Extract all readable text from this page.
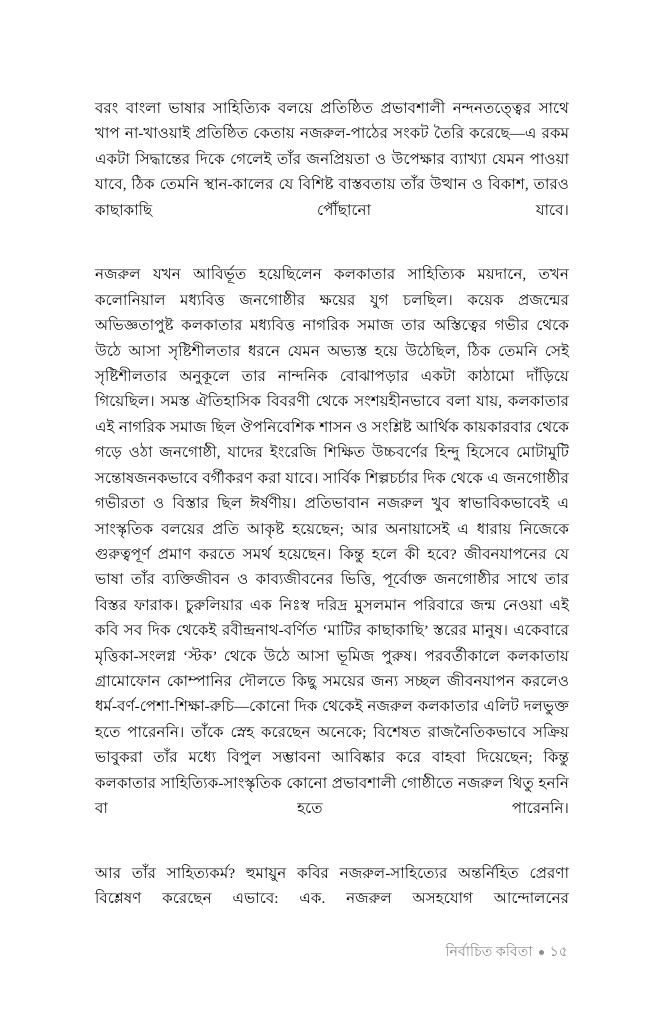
বরং বাংলা ভাষার সাহিত্যিক বলয়ে প্রতিষ্ঠিত প্রভাবশালী নন্দনতত্ত্বের সাথে খাপ না-খাওয়াই প্রতিষ্ঠিত কেতায় নজরুল-পাঠের সংকট তৈরি করেছে—এ রকম একটা সিদ্ধান্তের দিকে গেলেই তাঁর জনপ্রিয়তা ও উপেক্ষার ব্যাখ্যা যেমন পাওয়া যাবে, ঠিক তেমনি স্থান-কালের যে বিশিষ্ট বাস্তবতায় তাঁর উত্থান ও বিকাশ, তারও কাছাকাছি পৌঁছানো যাবে।

নজরুল যখন আবির্ভূত হয়েছিলেন কলকাতার সাহিত্যিক ময়দানে, তখন কলোনিয়াল মধ্যবিত্ত জনগোষ্ঠীর ক্ষয়ের যুগ চলছিল। কয়েক প্রজন্মের অভিজ্ঞতাপুষ্ট কলকাতার মধ্যবিত্ত নাগরিক সমাজ তার অস্তিত্বের গভীর থেকে উঠে আসা সৃষ্টিশীলতার ধরনে যেমন অভ্যস্ত হয়ে উঠেছিল, ঠিক তেমনি সেই সৃষ্টিশীলতার অনুকূলে তার নান্দনিক বোঝাপড়ার একটা কাঠামো দাঁড়িয়ে গিয়েছিল। সমস্ত ঐতিহাসিক বিবরণী থেকে সংশয়হীনভাবে বলা যায়, কলকাতার এই নাগরিক সমাজ ছিল ঔপনিবেশিক শাসন ও সংশ্লিষ্ট আর্থিক কায়কারবার থেকে গড়ে ওঠা জনগোষ্ঠী, যাদের ইংরেজি শিক্ষিত উচ্চবর্ণের হিন্দু হিসেবে মোটামুটি সন্তোষজনকভাবে বর্গীকরণ করা যাবে। সার্বিক শিল্পচর্চার দিক থেকে এ জনগোষ্ঠীর গভীরতা ও বিস্তার ছিল ঈর্ষণীয়। প্রতিভাবান নজরুল খুব স্বাভাবিকভাবেই এ সাংস্কৃতিক বলয়ের প্রতি আকৃষ্ট হয়েছেন; আর অনায়াসেই এ ধারায় নিজেকে গুরুত্বপূর্ণ প্রমাণ করতে সমর্থ হয়েছেন। কিন্তু হলে কী হবে? জীবনযাপনের যে ভাষা তাঁর ব্যক্তিজীবন ও কাব্যজীবনের ভিত্তি, পূর্বোক্ত জনগোষ্ঠীর সাথে তার বিস্তর ফারাক। চুরুলিয়ার এক নিঃস্ব দরিদ্র মুসলমান পরিবারে জন্ম নেওয়া এই কবি সব দিক থেকেই রবীন্দ্রনাথ-বর্ণিত ‘মাটির কাছাকাছি’ স্তরের মানুষ। একেবারে মৃত্তিকা-সংলগ্ন ‘স্টক’ থেকে উঠে আসা ভূমিজ পুরুষ। পরবর্তীকালে কলকাতায় গ্রামোফোন কোম্পানির দৌলতে কিছু সময়ের জন্য সচ্ছল জীবনযাপন করলেও ধর্ম-বর্ণ-পেশা-শিক্ষা-রুচি—কোনো দিক থেকেই নজরুল কলকাতার এলিট দলভুক্ত হতে পারেননি। তাঁকে স্নেহ করেছেন অনেকে; বিশেষত রাজনৈতিকভাবে সক্রিয় ভাবুকরা তাঁর মধ্যে বিপুল সম্ভাবনা আবিষ্কার করে বাহবা দিয়েছেন; কিন্তু কলকাতার সাহিত্যিক-সাংস্কৃতিক কোনো প্রভাবশালী গোষ্ঠীতে নজরুল থিতু হননি বা হতে পারেননি।

আর তাঁর সাহিত্যকর্ম? হুমায়ুন কবির নজরুল-সাহিত্যের অন্তর্নিহিত প্রেরণা বিশ্লেষণ করেছেন এভাবে: এক. নজরুল অসহযোগ আন্দোলনের

নির্বাচিত কবিতা ১৫
